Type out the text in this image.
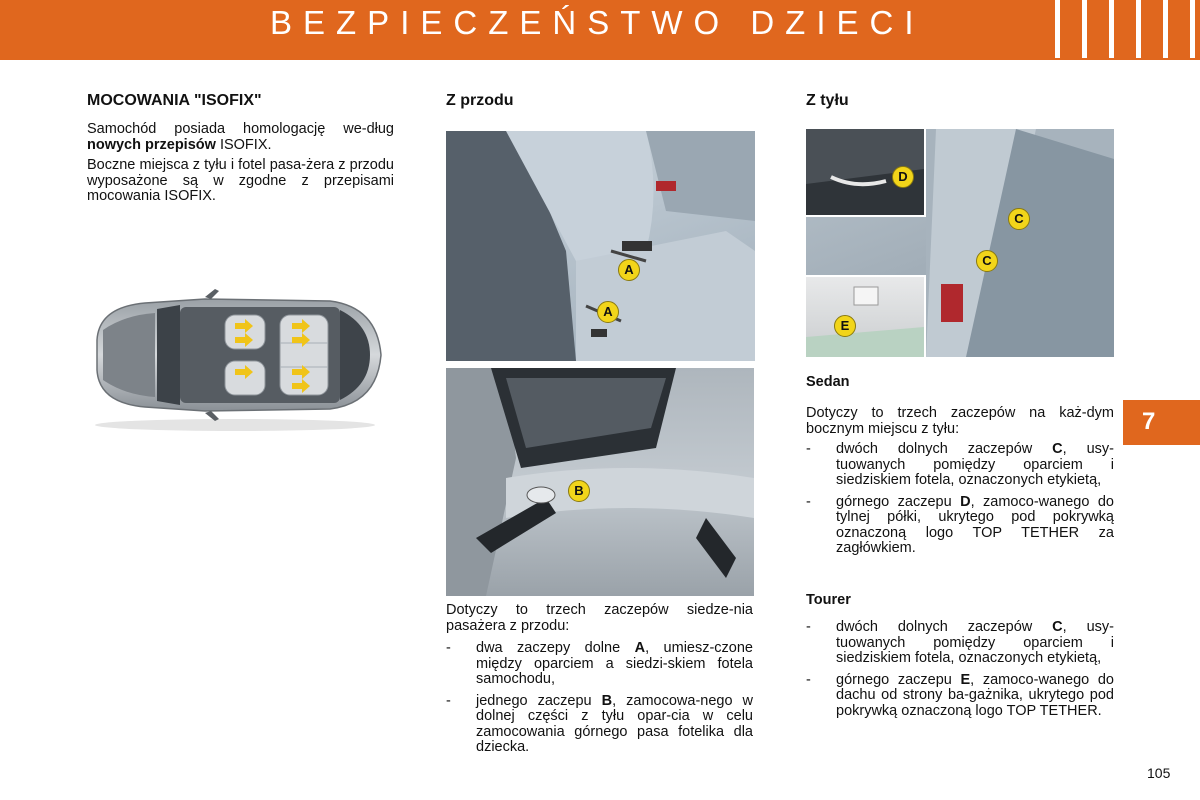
BEZPIECZEŃSTWO DZIECI
MOCOWANIA "ISOFIX"
Samochód posiada homologację we-dług nowych przepisów ISOFIX.
Boczne miejsca z tyłu i fotel pasa-żera z przodu wyposażone są w zgodne z przepisami mocowania ISOFIX.
Z przodu
A
A
B
Dotyczy to trzech zaczepów siedze-nia pasażera z przodu:
- dwa zaczepy dolne A, umiesz-czone między oparciem a siedzi-skiem fotela samochodu,
- jednego zaczepu B, zamocowa-nego w dolnej części z tyłu opar-cia w celu zamocowania górnego pasa fotelika dla dziecka.
Z tyłu
D
C
C
E
Sedan
Dotyczy to trzech zaczepów na każ-dym bocznym miejscu z tyłu:
- dwóch dolnych zaczepów C, usy-tuowanych pomiędzy oparciem i siedziskiem fotela, oznaczonych etykietą,
- górnego zaczepu D, zamoco-wanego do tylnej półki, ukrytego pod pokrywką oznaczoną logo TOP TETHER za zagłówkiem.
Tourer
- dwóch dolnych zaczepów C, usy-tuowanych pomiędzy oparciem i siedziskiem fotela, oznaczonych etykietą,
- górnego zaczepu E, zamoco-wanego do dachu od strony ba-gażnika, ukrytego pod pokrywką oznaczoną logo TOP TETHER.
7
105
